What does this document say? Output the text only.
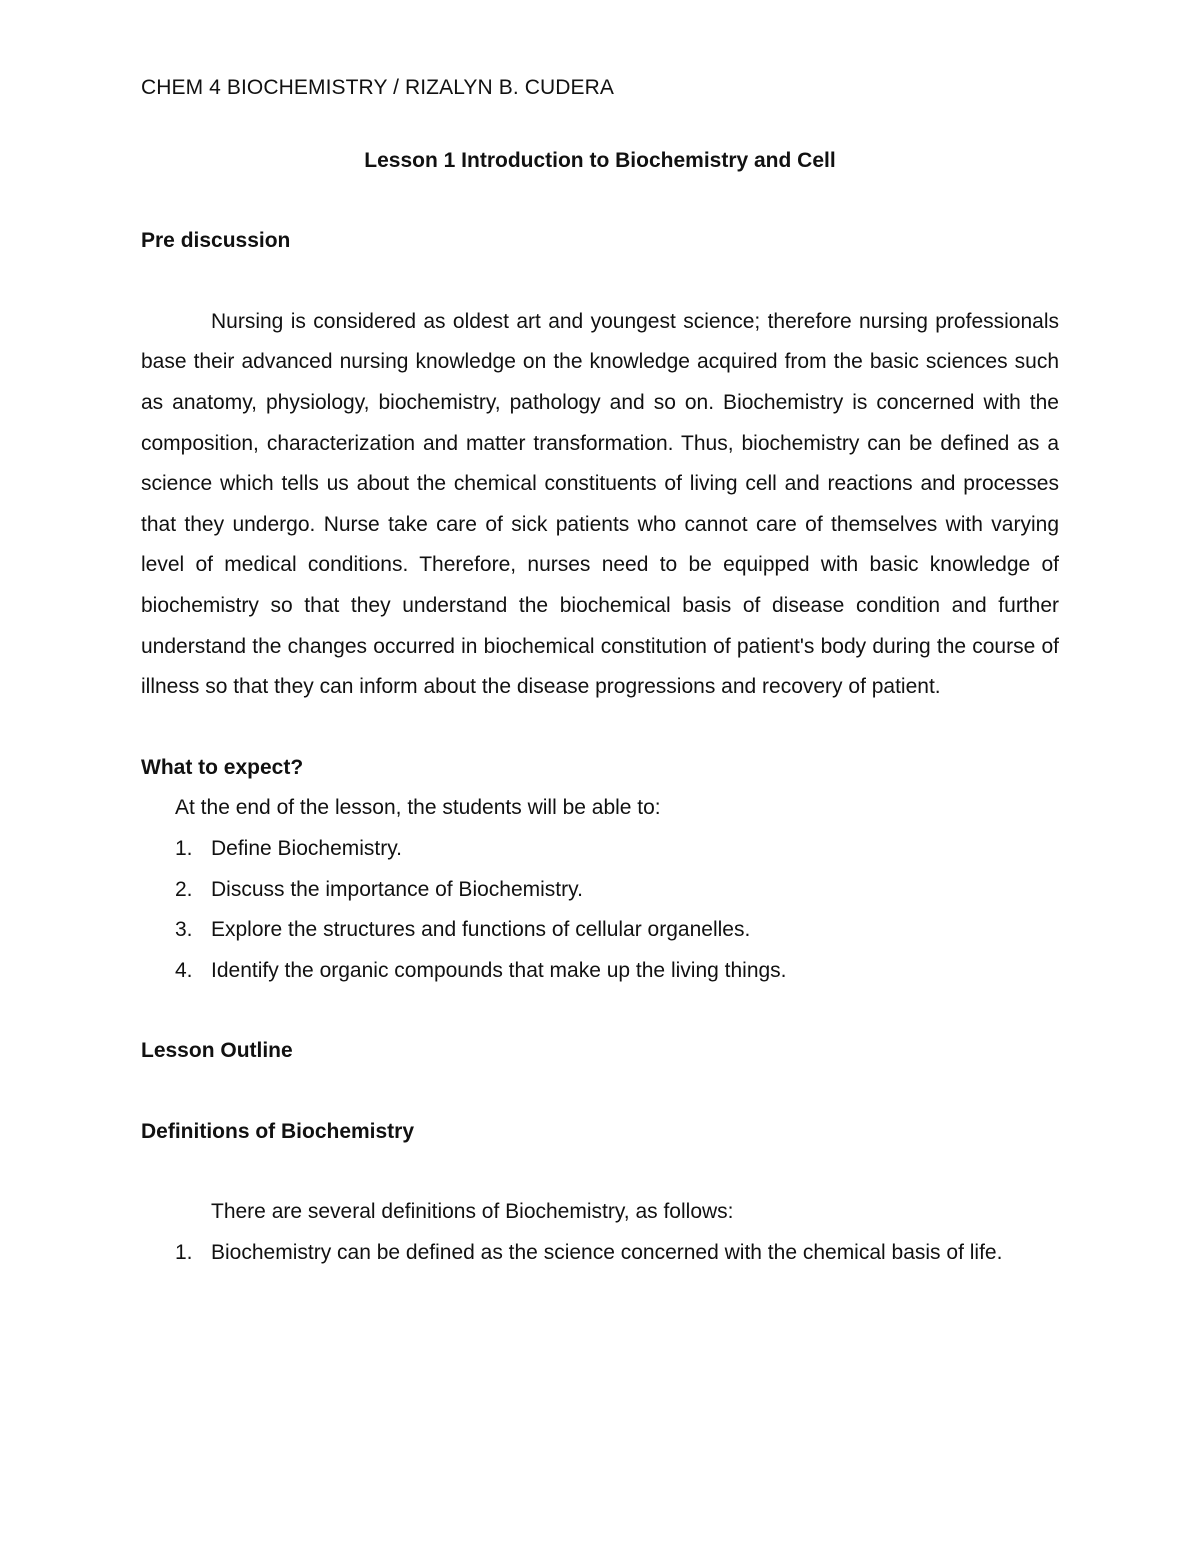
CHEM 4 BIOCHEMISTRY / RIZALYN B. CUDERA

Lesson 1 Introduction to Biochemistry and Cell

Pre discussion

Nursing is considered as oldest art and youngest science; therefore nursing professionals base their advanced nursing knowledge on the knowledge acquired from the basic sciences such as anatomy, physiology, biochemistry, pathology and so on. Biochemistry is concerned with the composition, characterization and matter transformation. Thus, biochemistry can be defined as a science which tells us about the chemical constituents of living cell and reactions and processes that they undergo. Nurse take care of sick patients who cannot care of themselves with varying level of medical conditions. Therefore, nurses need to be equipped with basic knowledge of biochemistry so that they understand the biochemical basis of disease condition and further understand the changes occurred in biochemical constitution of patient's body during the course of illness so that they can inform about the disease progressions and recovery of patient.

What to expect?

At the end of the lesson, the students will be able to:

1. Define Biochemistry.
2. Discuss the importance of Biochemistry.
3. Explore the structures and functions of cellular organelles.
4. Identify the organic compounds that make up the living things.

Lesson Outline

Definitions of Biochemistry

There are several definitions of Biochemistry, as follows:

1. Biochemistry can be defined as the science concerned with the chemical basis of life.
